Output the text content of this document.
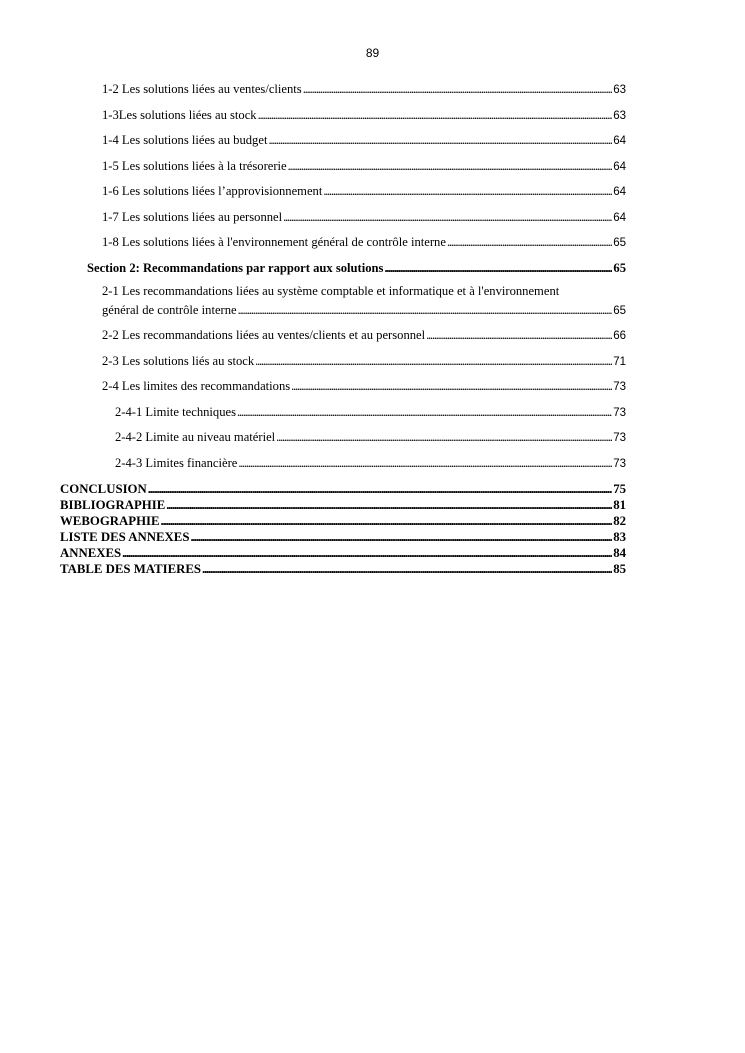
89
1-2 Les solutions liées au ventes/clients . . .	63
1-3Les solutions liées au stock . . .	63
1-4 Les solutions liées au budget . . .	64
1-5 Les solutions liées à la trésorerie . . .	64
1-6 Les solutions liées l’approvisionnement . . .	64
1-7 Les solutions liées au personnel . . .	64
1-8 Les solutions liées à l'environnement général de contrôle interne . . .	65
Section 2: Recommandations par rapport aux solutions . . .	65
2-1 Les recommandations liées au système comptable et informatique et à l'environnement
général de contrôle interne . . .	65
2-2 Les recommandations liées au ventes/clients et au personnel . . .	66
2-3 Les solutions liés au stock . . .	71
2-4 Les limites des recommandations . . .	73
2-4-1 Limite techniques . . .	73
2-4-2 Limite au niveau matériel . . .	73
2-4-3 Limites financière . . .	73
CONCLUSION . . .	75
BIBLIOGRAPHIE . . .	81
WEBOGRAPHIE . . .	82
LISTE DES ANNEXES . . .	83
ANNEXES . . .	84
TABLE DES MATIERES . . .	85
